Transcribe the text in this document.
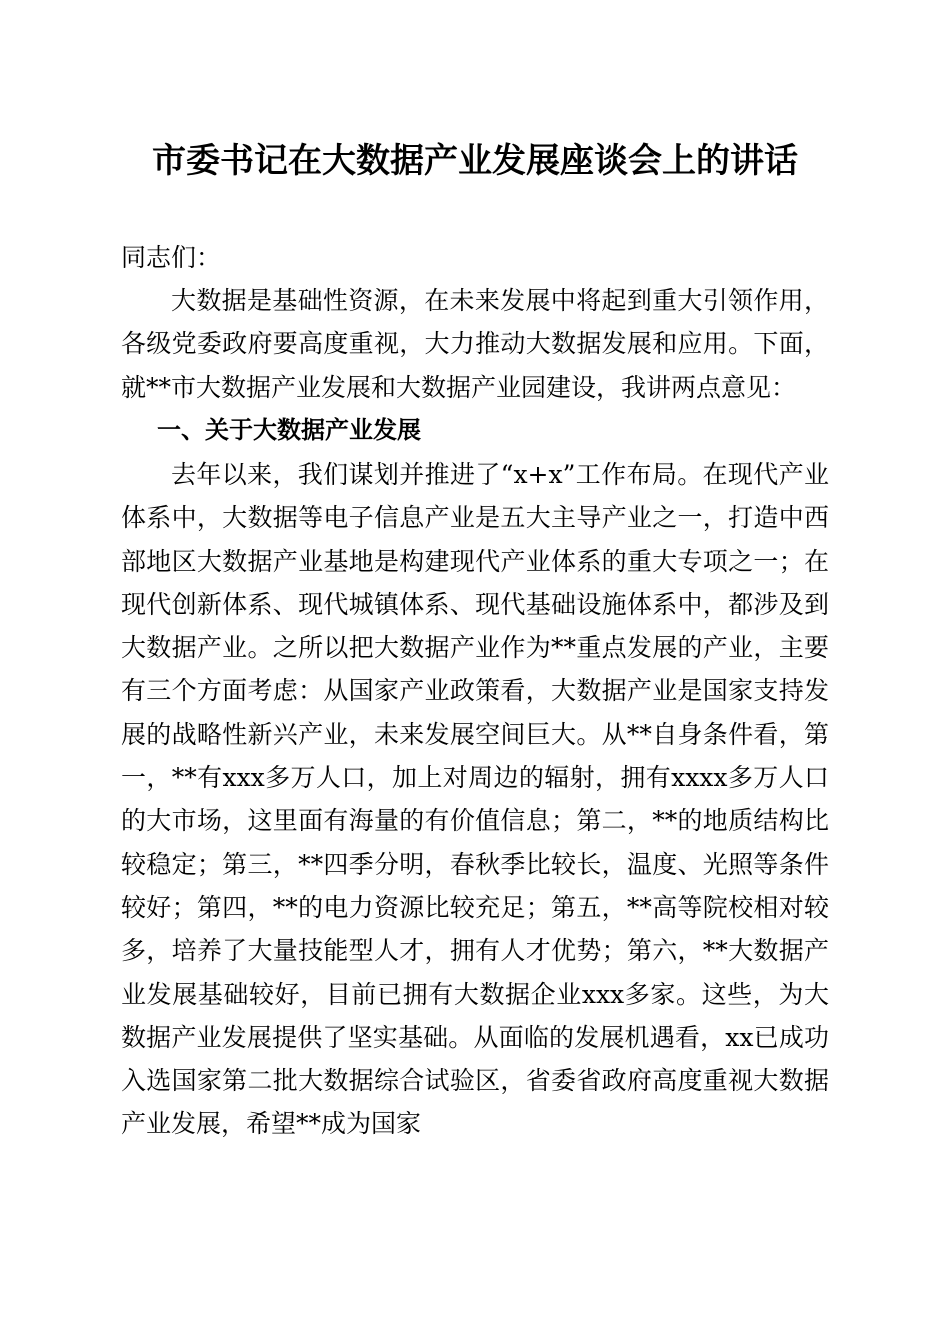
市委书记在大数据产业发展座谈会上的讲话
同志们：

大数据是基础性资源，在未来发展中将起到重大引领作用，各级党委政府要高度重视，大力推动大数据发展和应用。下面，就**市大数据产业发展和大数据产业园建设，我讲两点意见：

一、关于大数据产业发展

去年以来，我们谋划并推进了“x+x”工作布局。在现代产业体系中，大数据等电子信息产业是五大主导产业之一，打造中西部地区大数据产业基地是构建现代产业体系的重大专项之一；在现代创新体系、现代城镇体系、现代基础设施体系中，都涉及到大数据产业。之所以把大数据产业作为**重点发展的产业，主要有三个方面考虑：从国家产业政策看，大数据产业是国家支持发展的战略性新兴产业，未来发展空间巨大。从**自身条件看，第一，**有xxx多万人口，加上对周边的辐射，拥有xxxx多万人口的大市场，这里面有海量的有价值信息；第二，**的地质结构比较稳定；第三，**四季分明，春秋季比较长，温度、光照等条件较好；第四，**的电力资源比较充足；第五，**高等院校相对较多，培养了大量技能型人才，拥有人才优势；第六，**大数据产业发展基础较好，目前已拥有大数据企业xxx多家。这些，为大数据产业发展提供了坚实基础。从面临的发展机遇看，xx已成功入选国家第二批大数据综合试验区，省委省政府高度重视大数据产业发展，希望**成为国家
